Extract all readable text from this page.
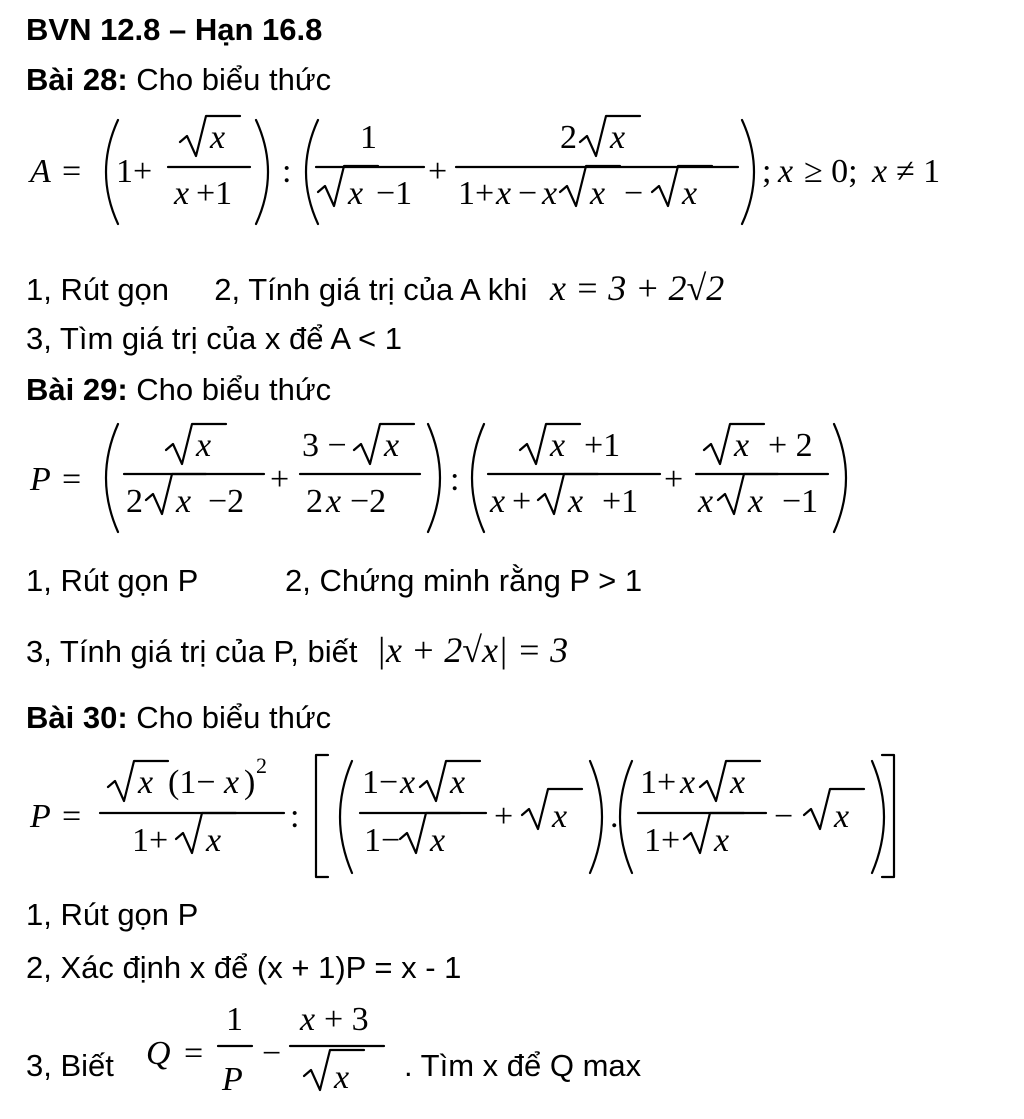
BVN 12.8 – Hạn 16.8
Bài 28: Cho biểu thức
A = 1+
x
x +1
:
1
x −1
+
2 x
1+ x − x x − x
; x ≥ 0; x ≠ 1
1, Rút gọn 2, Tính giá trị của A khi x = 3 + 2√2
3, Tìm giá trị của x để A < 1
Bài 29: Cho biểu thức
P =
x
2 x −2
+
3 − x
2 x −2
:
x +1
x + x +1
+
x + 2
x x −1
1, Rút gọn P	2, Chứng minh rằng P > 1
3, Tính giá trị của P, biết |x + 2√x| = 3
Bài 30: Cho biểu thức
P =
x (1− x ) 2
1+ x
:
1− x x
1− x
+ x .
1+ x x
1+ x
− x
1, Rút gọn P
2, Xác định x để (x + 1)P = x - 1
3, Biết Q =
1
P
−
x + 3
x . Tìm x để Q max
